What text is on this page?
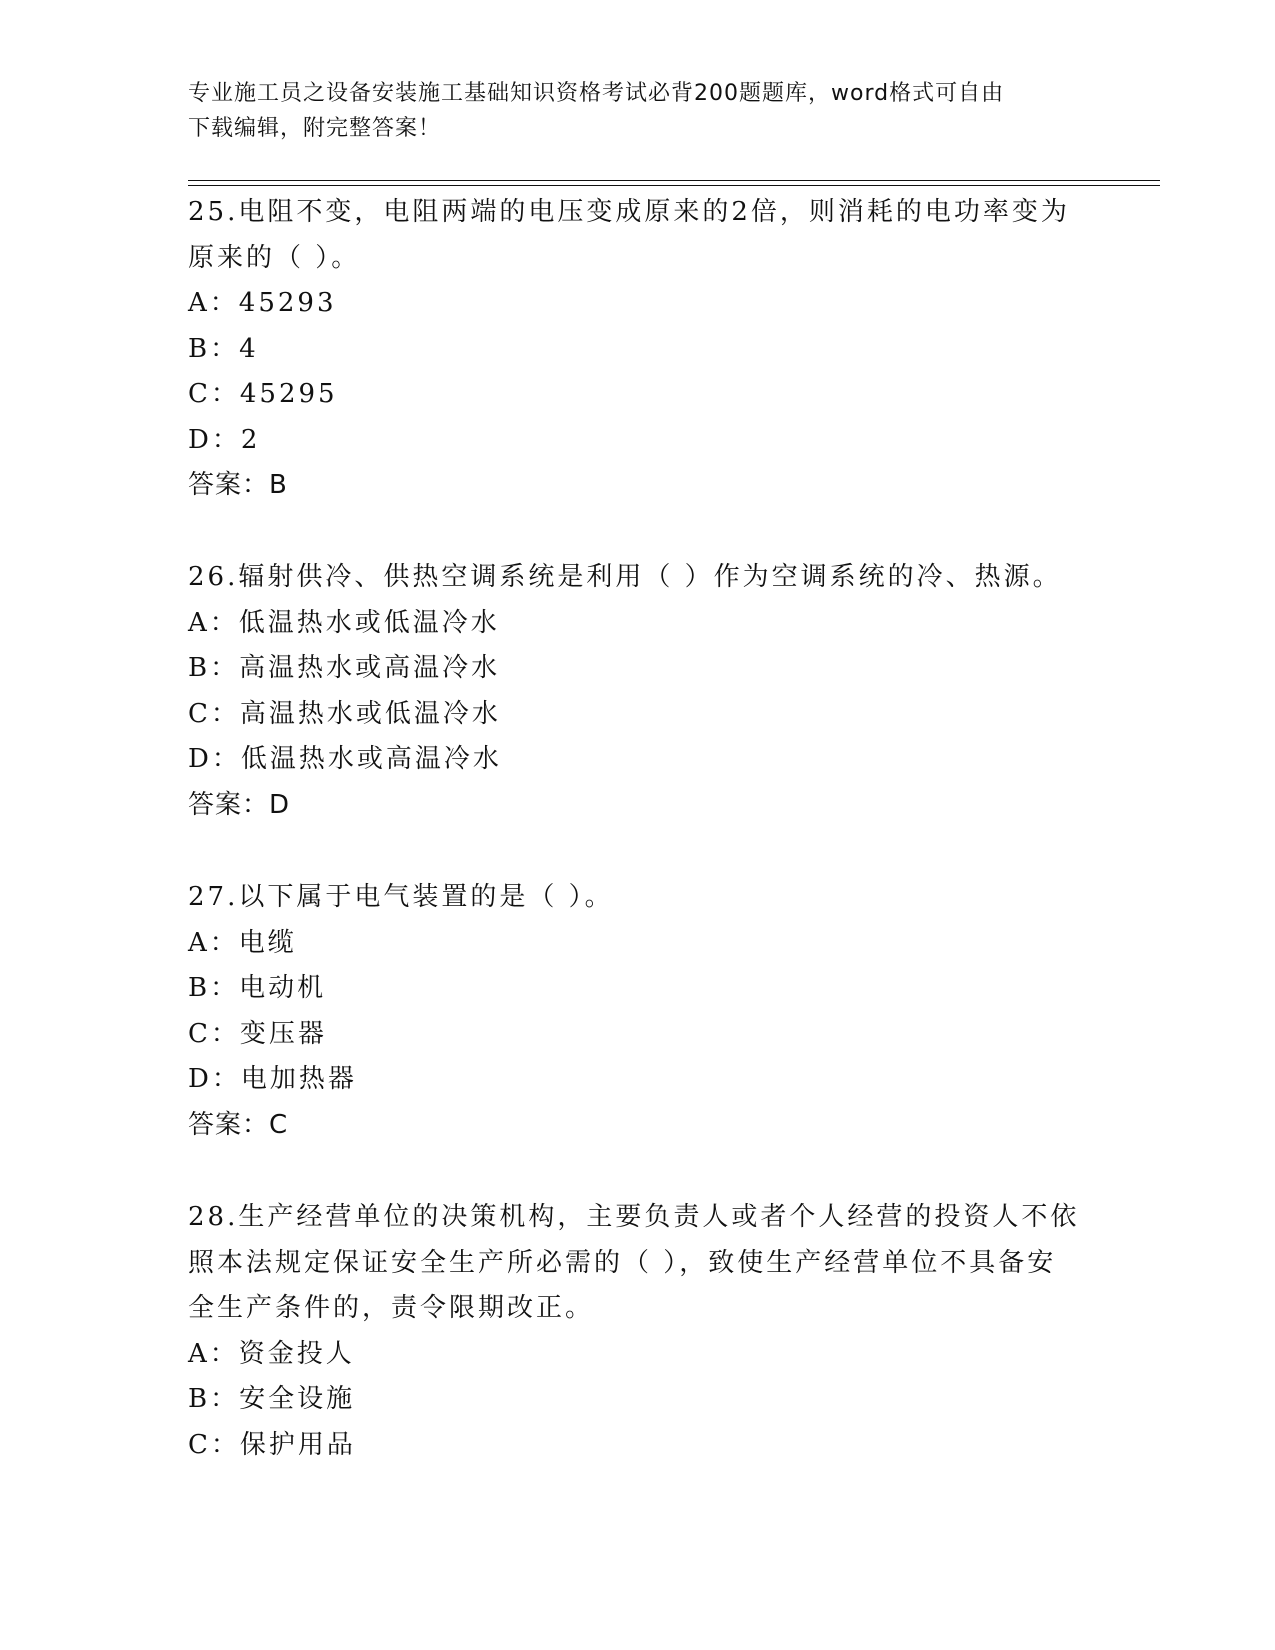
专业施工员之设备安装施工基础知识资格考试必背200题题库，word格式可自由
下载编辑，附完整答案！
25.电阻不变，电阻两端的电压变成原来的2倍，则消耗的电功率变为
原来的（ ）。
A：45293
B：4
C：45295
D：2
答案：B
26.辐射供冷、供热空调系统是利用（ ）作为空调系统的冷、热源。
A：低温热水或低温冷水
B：高温热水或高温冷水
C：高温热水或低温冷水
D：低温热水或高温冷水
答案：D
27.以下属于电气装置的是（ ）。
A：电缆
B：电动机
C：变压器
D：电加热器
答案：C
28.生产经营单位的决策机构，主要负责人或者个人经营的投资人不依
照本法规定保证安全生产所必需的（ ），致使生产经营单位不具备安
全生产条件的，责令限期改正。
A：资金投人
B：安全设施
C：保护用品
